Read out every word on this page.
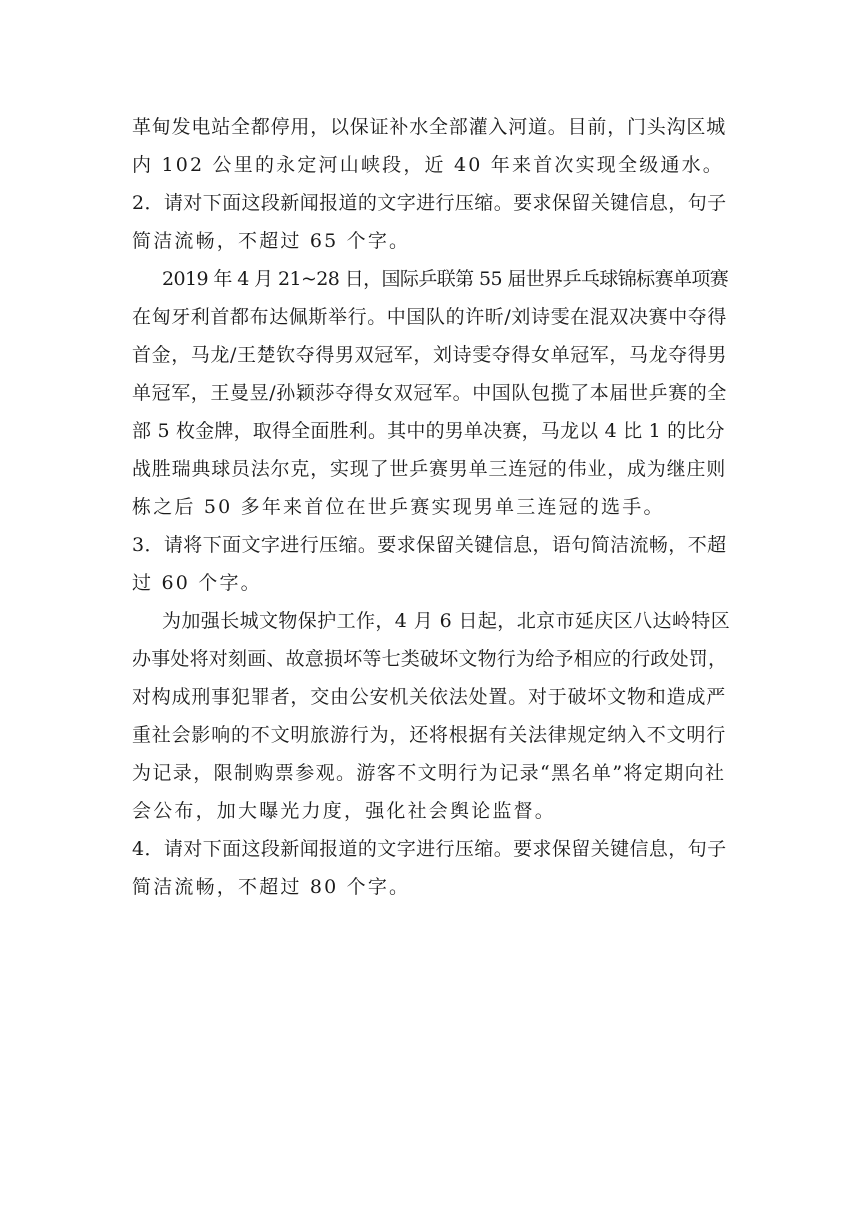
革甸发电站全都停用，以保证补水全部灌入河道。目前，门头沟区城
内 102 公里的永定河山峡段，近 40 年来首次实现全级通水。
2．请对下面这段新闻报道的文字进行压缩。要求保留关键信息，句子
简洁流畅，不超过 65 个字。
2019 年 4 月 21~28 日，国际乒联第 55 届世界乒乓球锦标赛单项赛
在匈牙利首都布达佩斯举行。中国队的许昕/刘诗雯在混双决赛中夺得
首金，马龙/王楚钦夺得男双冠军，刘诗雯夺得女单冠军，马龙夺得男
单冠军，王曼昱/孙颖莎夺得女双冠军。中国队包揽了本届世乒赛的全
部 5 枚金牌，取得全面胜利。其中的男单决赛，马龙以 4 比 1 的比分
战胜瑞典球员法尔克，实现了世乒赛男单三连冠的伟业，成为继庄则
栋之后 50 多年来首位在世乒赛实现男单三连冠的选手。
3．请将下面文字进行压缩。要求保留关键信息，语句简洁流畅，不超
过 60 个字。
为加强长城文物保护工作，4 月 6 日起，北京市延庆区八达岭特区
办事处将对刻画、故意损坏等七类破坏文物行为给予相应的行政处罚，
对构成刑事犯罪者，交由公安机关依法处置。对于破坏文物和造成严
重社会影响的不文明旅游行为，还将根据有关法律规定纳入不文明行
为记录，限制购票参观。游客不文明行为记录“黑名单”将定期向社
会公布，加大曝光力度，强化社会舆论监督。
4．请对下面这段新闻报道的文字进行压缩。要求保留关键信息，句子
简洁流畅，不超过 80 个字。
